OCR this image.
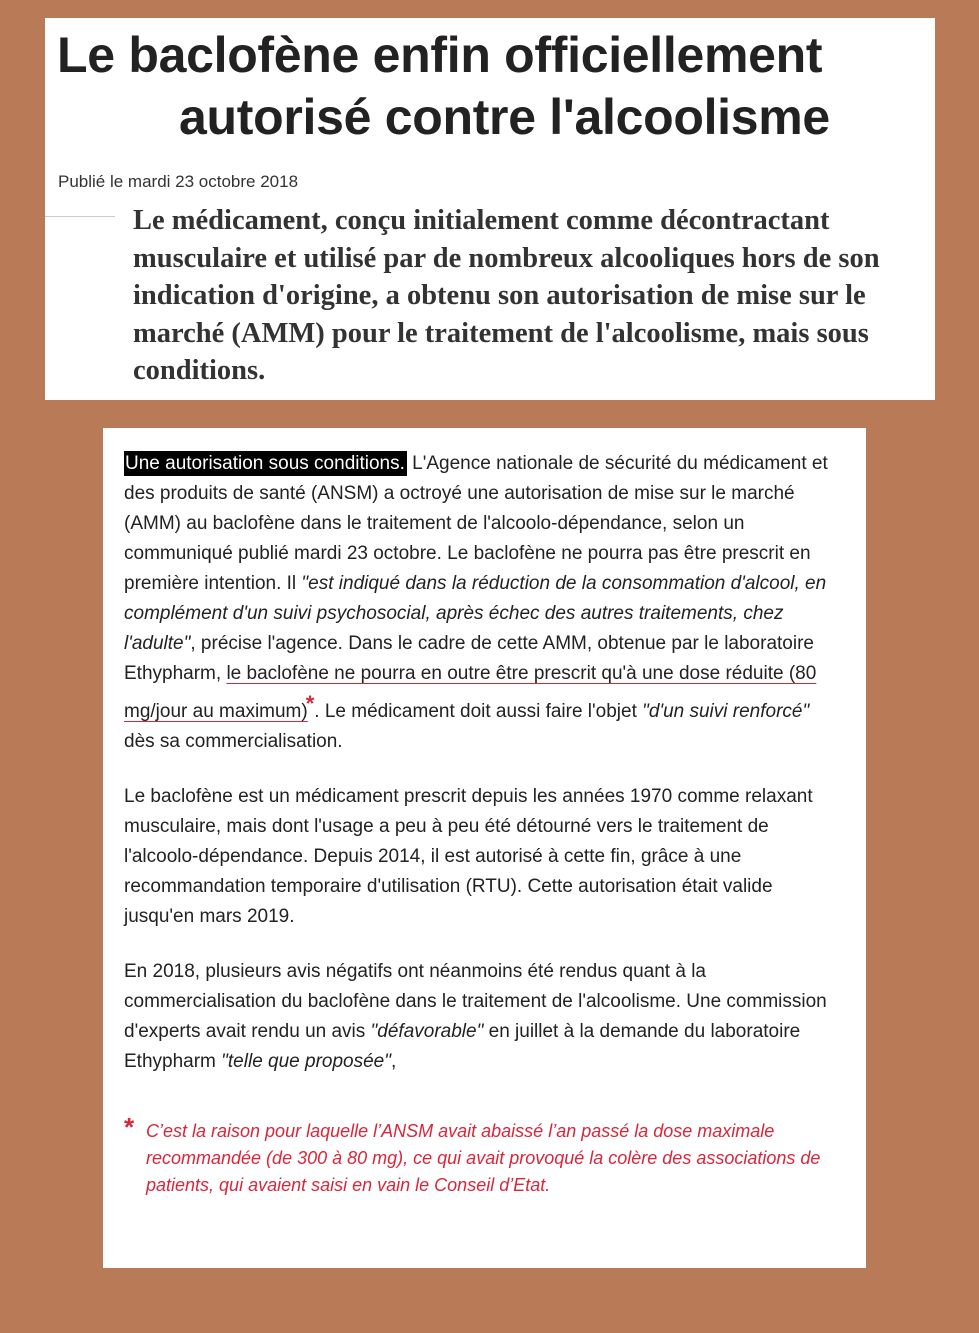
Le baclofène enfin officiellement
autorisé contre l'alcoolisme
Publié le mardi 23 octobre 2018
Le médicament, conçu initialement comme décontractant musculaire et utilisé par de nombreux alcooliques hors de son indication d'origine, a obtenu son autorisation de mise sur le marché (AMM) pour le traitement de l'alcoolisme, mais sous conditions.

Une autorisation sous conditions. L'Agence nationale de sécurité du médicament et des produits de santé (ANSM) a octroyé une autorisation de mise sur le marché (AMM) au baclofène dans le traitement de l'alcoolo-dépendance, selon un communiqué publié mardi 23 octobre. Le baclofène ne pourra pas être prescrit en première intention. Il "est indiqué dans la réduction de la consommation d'alcool, en complément d'un suivi psychosocial, après échec des autres traitements, chez l'adulte", précise l'agence. Dans le cadre de cette AMM, obtenue par le laboratoire Ethypharm, le baclofène ne pourra en outre être prescrit qu'à une dose réduite (80 mg/jour au maximum)*. Le médicament doit aussi faire l'objet "d'un suivi renforcé" dès sa commercialisation.

Le baclofène est un médicament prescrit depuis les années 1970 comme relaxant musculaire, mais dont l'usage a peu à peu été détourné vers le traitement de l'alcoolo-dépendance. Depuis 2014, il est autorisé à cette fin, grâce à une recommandation temporaire d'utilisation (RTU). Cette autorisation était valide jusqu'en mars 2019.

En 2018, plusieurs avis négatifs ont néanmoins été rendus quant à la commercialisation du baclofène dans le traitement de l'alcoolisme. Une commission d'experts avait rendu un avis "défavorable" en juillet à la demande du laboratoire Ethypharm "telle que proposée",

* C’est la raison pour laquelle l’ANSM avait abaissé l’an passé la dose maximale recommandée (de 300 à 80 mg), ce qui avait provoqué la colère des associations de patients, qui avaient saisi en vain le Conseil d’Etat.
